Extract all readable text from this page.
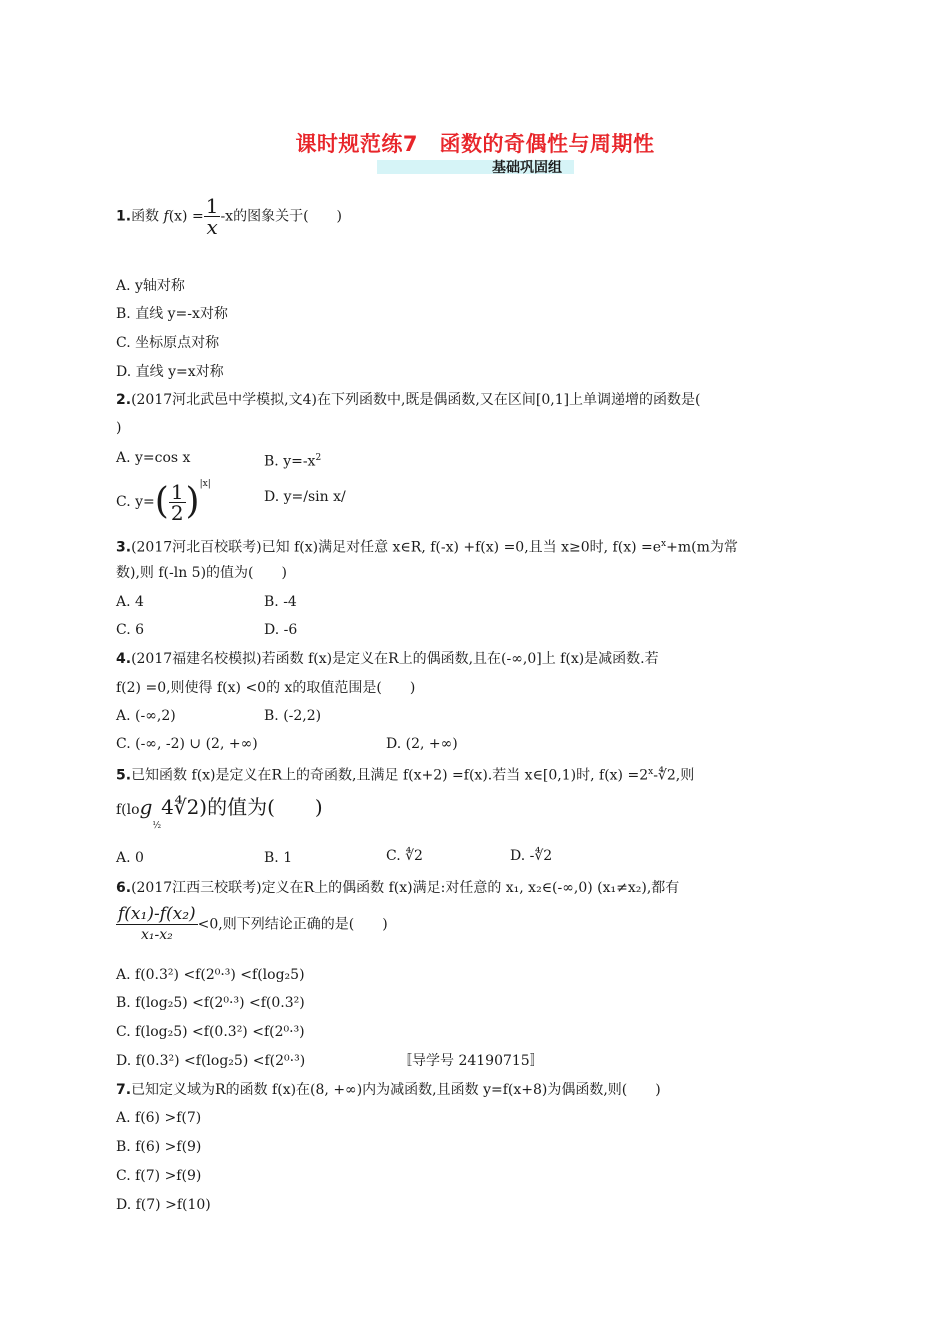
课时规范练7　函数的奇偶性与周期性
基础巩固组
1.函数 $f(x) = \frac{1}{x} -x$的图象关于(　　)
A. y轴对称
B. 直线 y=-x对称
C. 坐标原点对称
D. 直线 y=x对称
2.(2017河北武邑中学模拟,文4)在下列函数中,既是偶函数,又在区间[0,1]上单调递增的函数是(
)
A. y=cos x	B. $y=-x^2$
C. $y=( \frac{1}{2} )^{|x|}$
D. y=/sin x/
3.(2017河北百校联考)已知 f(x)满足对任意 x∈R, f(-x) +f(x) =0,且当 x≥0时, $f(x) =e^x+m(m$为常
数),则 f(-ln 5)的值为(　　)
A. 4	B. -4
C. 6	D. -6
4.(2017福建名校模拟)若函数 f(x)是定义在R上的偶函数,且在(-∞,0]上 f(x)是减函数.若
f(2) =0,则使得 f(x) <0的 x的取值范围是(　　)
A. (-∞,2)	B. (-2,2)
C. (-∞, -2) ∪ (2, +∞)	D. (2, +∞)
5.已知函数 f(x)是定义在R上的奇函数,且满足 f(x+2) =f(x).若当 x∈[0,1)时, $f(x) =2^x-∜2$,则
$f(\log_{\frac{1}{2}}4∜2)$的值为(　　)
A. 0	B. 1	C. ∜2	D. -∜2
6.(2017江西三校联考)定义在R上的偶函数 f(x)满足:对任意的 x₁, x₂∈(-∞,0) (x₁≠x₂),都有
$\frac{\text{f(x₁)-f(x₂)}}{\text{x₁-x₂}} <0$,则下列结论正确的是(　　)
A. f(0.3²) <f(2⁰·³) <f(log₂5)
B. f(log₂5) <f(2⁰·³) <f(0.3²)
C. f(log₂5) <f(0.3²) <f(2⁰·³)
D. f(0.3²) <f(log₂5) <f(2⁰·³)	〚导学号 24190715〛
7.已知定义域为R的函数 f(x)在(8, +∞)内为减函数,且函数 y=f(x+8)为偶函数,则(　　)
A. f(6) >f(7)
B. f(6) >f(9)
C. f(7) >f(9)
D. f(7) >f(10)
